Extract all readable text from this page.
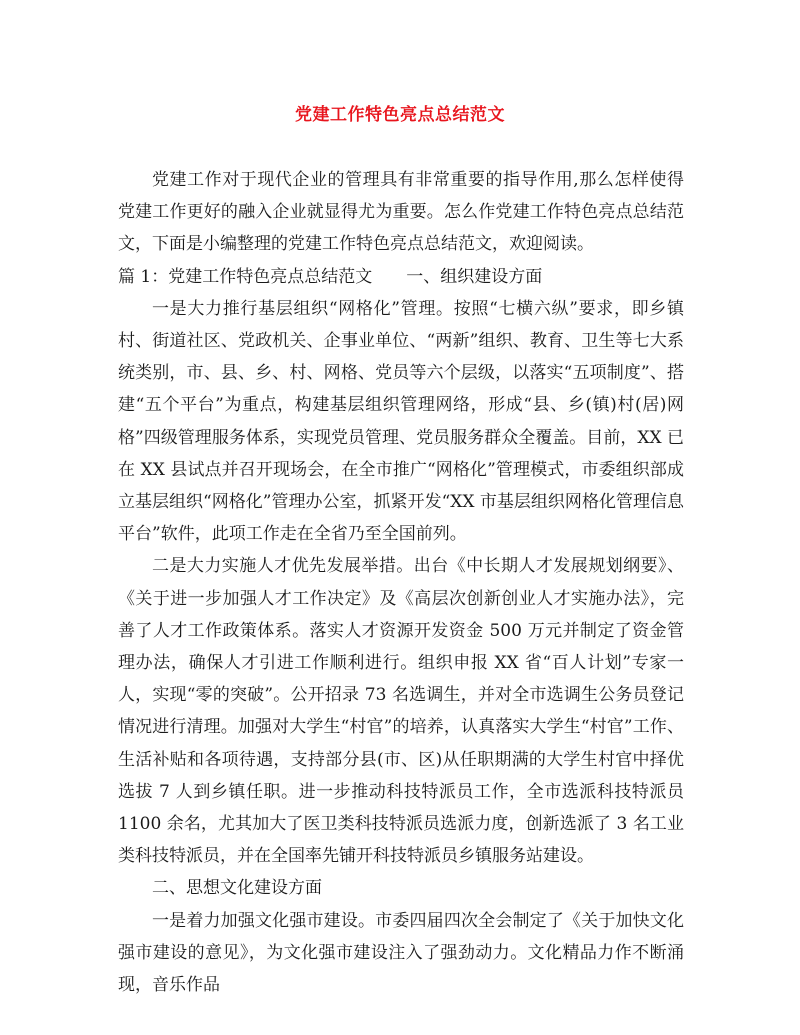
党建工作特色亮点总结范文

党建工作对于现代企业的管理具有非常重要的指导作用,那么怎样使得党建工作更好的融入企业就显得尤为重要。怎么作党建工作特色亮点总结范文，下面是小编整理的党建工作特色亮点总结范文，欢迎阅读。

篇 1：党建工作特色亮点总结范文　　一、组织建设方面

一是大力推行基层组织“网格化”管理。按照“七横六纵”要求，即乡镇村、街道社区、党政机关、企事业单位、“两新”组织、教育、卫生等七大系统类别，市、县、乡、村、网格、党员等六个层级，以落实“五项制度”、搭建“五个平台”为重点，构建基层组织管理网络，形成“县、乡(镇)村(居)网格”四级管理服务体系，实现党员管理、党员服务群众全覆盖。目前，XX 已在 XX 县试点并召开现场会，在全市推广“网格化”管理模式，市委组织部成立基层组织“网格化”管理办公室，抓紧开发“XX 市基层组织网格化管理信息平台”软件，此项工作走在全省乃至全国前列。

二是大力实施人才优先发展举措。出台《中长期人才发展规划纲要》、《关于进一步加强人才工作决定》及《高层次创新创业人才实施办法》，完善了人才工作政策体系。落实人才资源开发资金 500 万元并制定了资金管理办法，确保人才引进工作顺利进行。组织申报 XX 省“百人计划”专家一人，实现“零的突破”。公开招录 73 名选调生，并对全市选调生公务员登记情况进行清理。加强对大学生“村官”的培养，认真落实大学生“村官”工作、生活补贴和各项待遇，支持部分县(市、区)从任职期满的大学生村官中择优选拔 7 人到乡镇任职。进一步推动科技特派员工作，全市选派科技特派员 1100 余名，尤其加大了医卫类科技特派员选派力度，创新选派了 3 名工业类科技特派员，并在全国率先铺开科技特派员乡镇服务站建设。

二、思想文化建设方面

一是着力加强文化强市建设。市委四届四次全会制定了《关于加快文化强市建设的意见》，为文化强市建设注入了强劲动力。文化精品力作不断涌现，音乐作品
